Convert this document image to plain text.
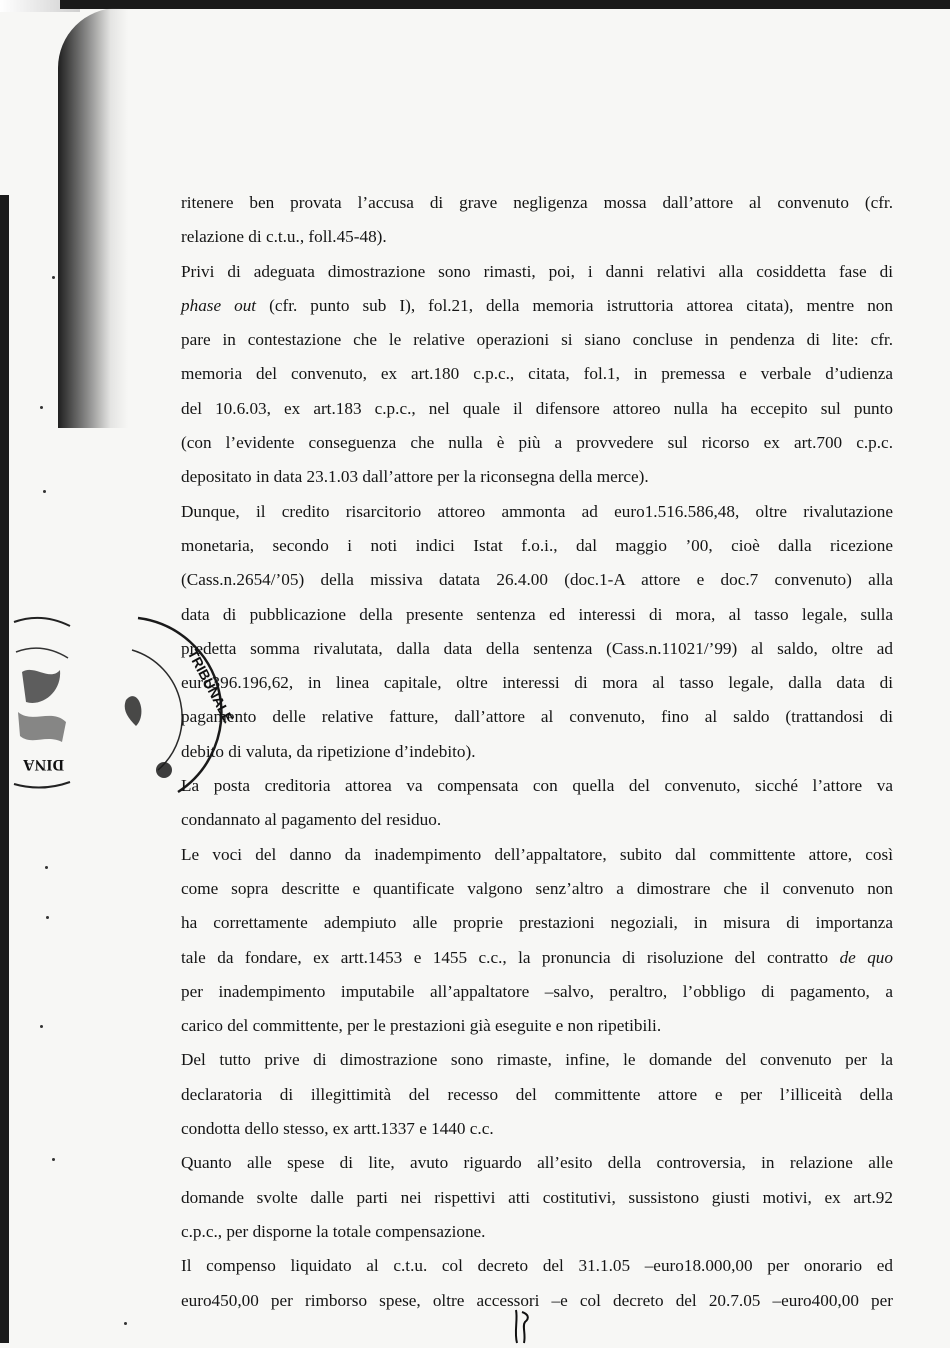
DINA
TRIBUNALE
ritenere ben provata l’accusa di grave negligenza mossa dall’attore al convenuto (cfr.
relazione di c.t.u., foll.45-48).
Privi di adeguata dimostrazione sono rimasti, poi, i danni relativi alla cosiddetta fase di
phase out (cfr. punto sub I), fol.21, della memoria istruttoria attorea citata), mentre non
pare in contestazione che le relative operazioni si siano concluse in pendenza di lite: cfr.
memoria del convenuto, ex art.180 c.p.c., citata, fol.1, in premessa e verbale d’udienza
del 10.6.03, ex art.183 c.p.c., nel quale il difensore attoreo nulla ha eccepito sul punto
(con l’evidente conseguenza che nulla è più a provvedere sul ricorso ex art.700 c.p.c.
depositato in data 23.1.03 dall’attore per la riconsegna della merce).
Dunque, il credito risarcitorio attoreo ammonta ad euro1.516.586,48, oltre rivalutazione
monetaria, secondo i noti indici Istat f.o.i., dal maggio ’00, cioè dalla ricezione
(Cass.n.2654/’05) della missiva datata 26.4.00 (doc.1-A attore e doc.7 convenuto) alla
data di pubblicazione della presente sentenza ed interessi di mora, al tasso legale, sulla
predetta somma rivalutata, dalla data della sentenza (Cass.n.11021/’99) al saldo, oltre ad
euro396.196,62, in linea capitale, oltre interessi di mora al tasso legale, dalla data di
pagamento delle relative fatture, dall’attore al convenuto, fino al saldo (trattandosi di
debito di valuta, da ripetizione d’indebito).
La posta creditoria attorea va compensata con quella del convenuto, sicché l’attore va
condannato al pagamento del residuo.
Le voci del danno da inadempimento dell’appaltatore, subito dal committente attore, così
come sopra descritte e quantificate valgono senz’altro a dimostrare che il convenuto non
ha correttamente adempiuto alle proprie prestazioni negoziali, in misura di importanza
tale da fondare, ex artt.1453 e 1455 c.c., la pronuncia di risoluzione del contratto de quo
per inadempimento imputabile all’appaltatore –salvo, peraltro, l’obbligo di pagamento, a
carico del committente, per le prestazioni già eseguite e non ripetibili.
Del tutto prive di dimostrazione sono rimaste, infine, le domande del convenuto per la
declaratoria di illegittimità del recesso del committente attore e per l’illiceità della
condotta dello stesso, ex artt.1337 e 1440 c.c.
Quanto alle spese di lite, avuto riguardo all’esito della controversia, in relazione alle
domande svolte dalle parti nei rispettivi atti costitutivi, sussistono giusti motivi, ex art.92
c.p.c., per disporne la totale compensazione.
Il compenso liquidato al c.t.u. col decreto del 31.1.05 –euro18.000,00 per onorario ed
euro450,00 per rimborso spese, oltre accessori –e col decreto del 20.7.05 –euro400,00 per
